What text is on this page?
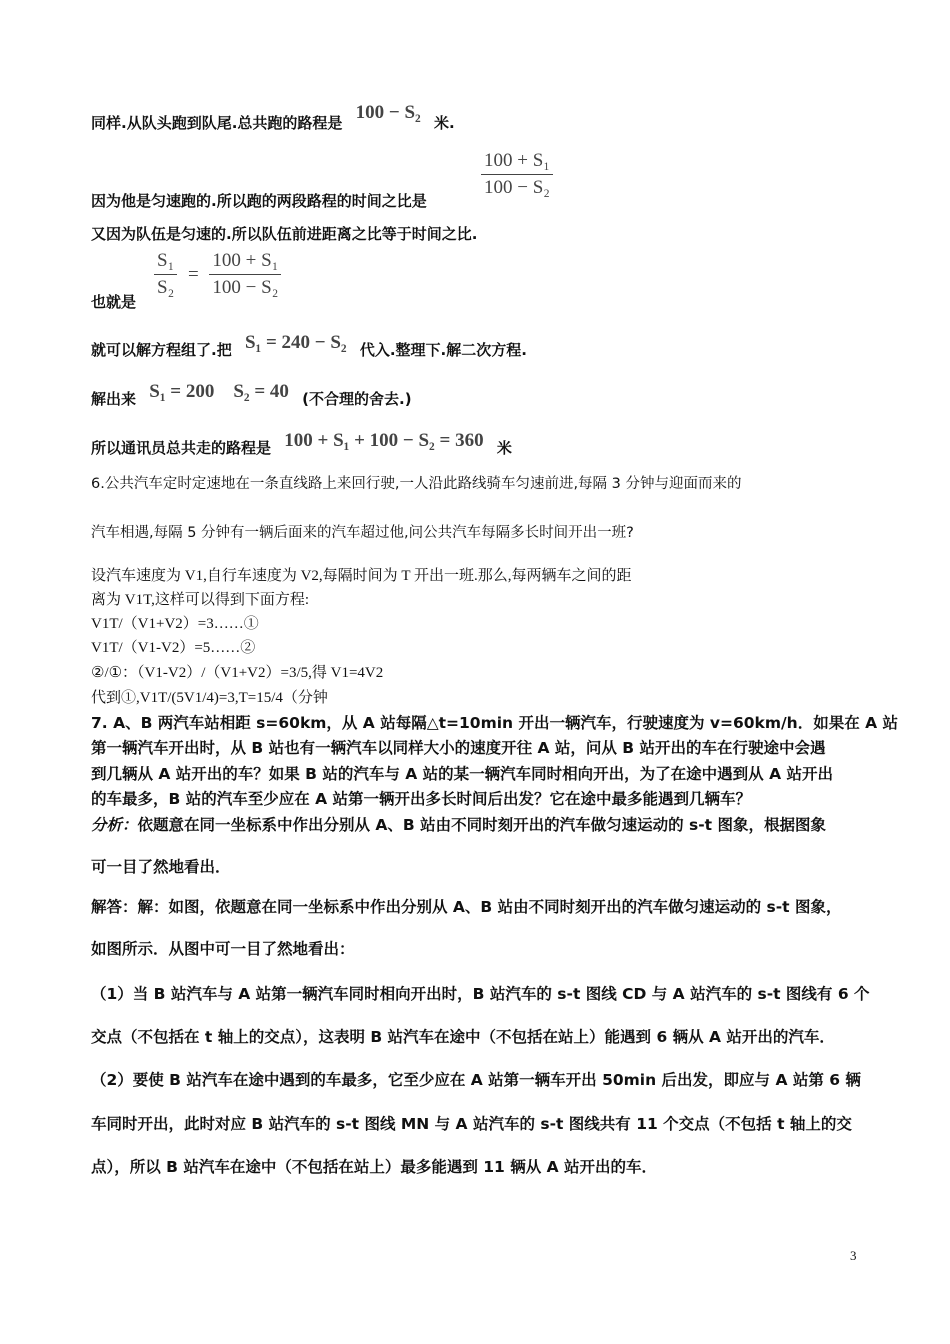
同样.从队头跑到队尾.总共跑的路程是 100 − S₂ 米.
因为他是匀速跑的.所以跑的两段路程的时间之比是
$\frac{\text{100 + S₁}}{\text{100 − S₂}}$
又因为队伍是匀速的.所以队伍前进距离之比等于时间之比.
也就是
$\frac{\text{S₁}}{\text{S₂}} = \frac{\text{100 + S₁}}{\text{100 − S₂}}$
就可以解方程组了.把 S₁ = 240 − S₂ 代入.整理下.解二次方程.
解出来 S₁ = 200    S₂ = 40 (不合理的舍去.)
所以通讯员总共走的路程是 100 + S₁ + 100 − S₂ = 360 米
6.公共汽车定时定速地在一条直线路上来回行驶,一人沿此路线骑车匀速前进,每隔 3 分钟与迎面而来的
汽车相遇,每隔 5 分钟有一辆后面来的汽车超过他,问公共汽车每隔多长时间开出一班?
设汽车速度为 V1,自行车速度为 V2,每隔时间为 T 开出一班.那么,每两辆车之间的距
离为 V1T,这样可以得到下面方程:
V1T/（V1+V2）=3……①
V1T/（V1-V2）=5……②
②/①：（V1-V2）/（V1+V2）=3/5,得 V1=4V2
代到①,V1T/(5V1/4)=3,T=15/4（分钟
7. A、B 两汽车站相距 s=60km，从 A 站每隔△t=10min 开出一辆汽车，行驶速度为 v=60km/h．如果在 A 站
第一辆汽车开出时，从 B 站也有一辆汽车以同样大小的速度开往 A 站，问从 B 站开出的车在行驶途中会遇
到几辆从 A 站开出的车？如果 B 站的汽车与 A 站的某一辆汽车同时相向开出，为了在途中遇到从 A 站开出
的车最多，B 站的汽车至少应在 A 站第一辆开出多长时间后出发？它在途中最多能遇到几辆车？
分析：依题意在同一坐标系中作出分别从 A、B 站由不同时刻开出的汽车做匀速运动的 s-t 图象，根据图象
可一目了然地看出．
解答：解：如图，依题意在同一坐标系中作出分别从 A、B 站由不同时刻开出的汽车做匀速运动的 s-t 图象，
如图所示．从图中可一目了然地看出：
（1）当 B 站汽车与 A 站第一辆汽车同时相向开出时，B 站汽车的 s-t 图线 CD 与 A 站汽车的 s-t 图线有 6 个
交点（不包括在 t 轴上的交点），这表明 B 站汽车在途中（不包括在站上）能遇到 6 辆从 A 站开出的汽车．
（2）要使 B 站汽车在途中遇到的车最多，它至少应在 A 站第一辆车开出 50min 后出发，即应与 A 站第 6 辆
车同时开出，此时对应 B 站汽车的 s-t 图线 MN 与 A 站汽车的 s-t 图线共有 11 个交点（不包括 t 轴上的交
点），所以 B 站汽车在途中（不包括在站上）最多能遇到 11 辆从 A 站开出的车．
3
